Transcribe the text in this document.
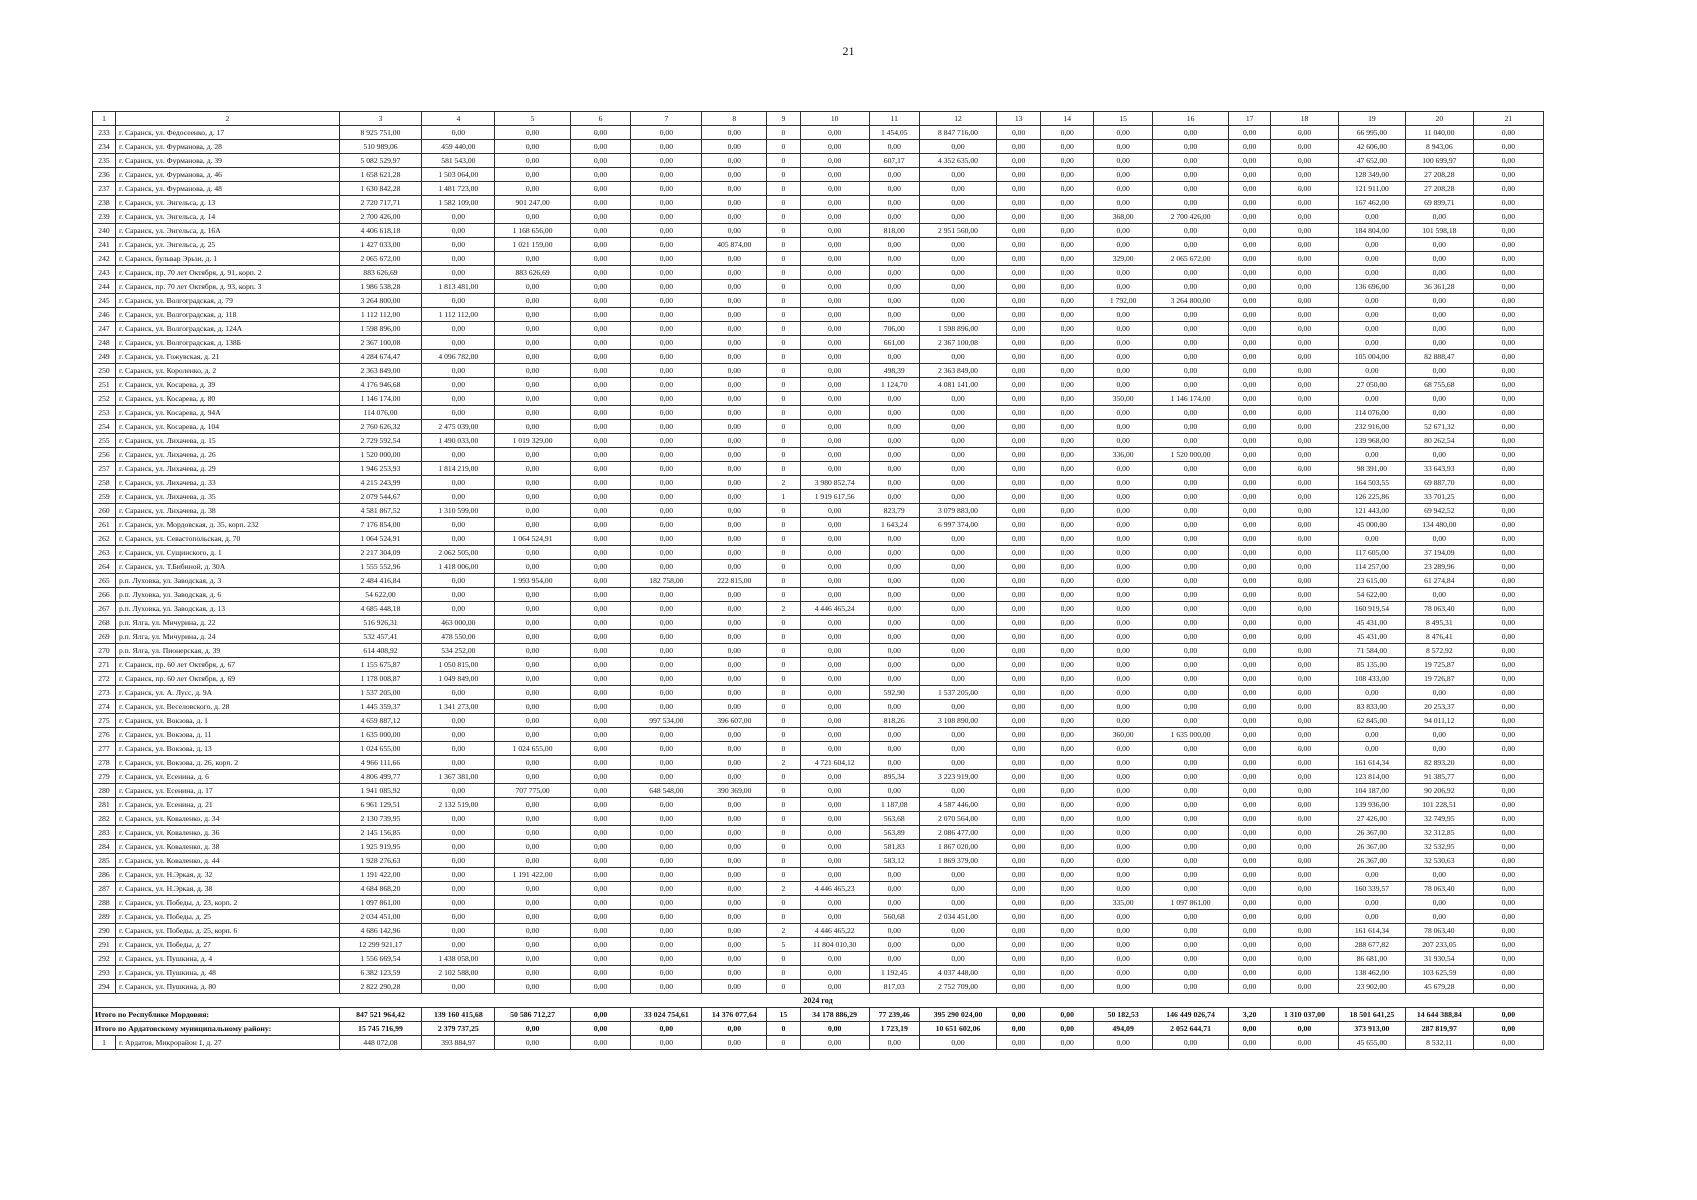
21
1	2	3	4	5	6	7	8	9	10	11	12	13	14	15	16	17	18	19	20	21
233	г. Саранск, ул. Федосеенко, д. 17	8 925 751,00	0,00	0,00	0,00	0,00	0,00	0	0,00	1 454,05	8 847 716,00	0,00	0,00	0,00	0,00	0,00	0,00	66 995,00	11 040,00	0,00
234	г. Саранск, ул. Фурманова, д. 28	510 989,06	459 440,00	0,00	0,00	0,00	0,00	0	0,00	0,00	0,00	0,00	0,00	0,00	0,00	0,00	0,00	42 606,00	8 943,06	0,00
235	г. Саранск, ул. Фурманова, д. 39	5 082 529,97	581 543,00	0,00	0,00	0,00	0,00	0	0,00	607,17	4 352 635,00	0,00	0,00	0,00	0,00	0,00	0,00	47 652,00	100 699,97	0,00
236	г. Саранск, ул. Фурманова, д. 46	1 658 621,28	1 503 064,00	0,00	0,00	0,00	0,00	0	0,00	0,00	0,00	0,00	0,00	0,00	0,00	0,00	0,00	128 349,00	27 208,28	0,00
237	г. Саранск, ул. Фурманова, д. 48	1 630 842,28	1 481 723,00	0,00	0,00	0,00	0,00	0	0,00	0,00	0,00	0,00	0,00	0,00	0,00	0,00	0,00	121 911,00	27 208,28	0,00
238	г. Саранск, ул. Энгельса, д. 13	2 720 717,71	1 582 109,00	901 247,00	0,00	0,00	0,00	0	0,00	0,00	0,00	0,00	0,00	0,00	0,00	0,00	0,00	167 462,00	69 899,71	0,00
239	г. Саранск, ул. Энгельса, д. 14	2 700 426,00	0,00	0,00	0,00	0,00	0,00	0	0,00	0,00	0,00	0,00	0,00	368,00	2 700 426,00	0,00	0,00	0,00	0,00	0,00
240	г. Саранск, ул. Энгельса, д. 16А	4 406 618,18	0,00	1 168 656,00	0,00	0,00	0,00	0	0,00	818,00	2 951 560,00	0,00	0,00	0,00	0,00	0,00	0,00	184 804,00	101 598,18	0,00
241	г. Саранск, ул. Энгельса, д. 25	1 427 033,00	0,00	1 021 159,00	0,00	0,00	405 874,00	0	0,00	0,00	0,00	0,00	0,00	0,00	0,00	0,00	0,00	0,00	0,00	0,00
242	г. Саранск, бульвар Эрьзи, д. 1	2 065 672,00	0,00	0,00	0,00	0,00	0,00	0	0,00	0,00	0,00	0,00	0,00	329,00	2 065 672,00	0,00	0,00	0,00	0,00	0,00
243	г. Саранск, пр. 70 лет Октября, д. 91, корп. 2	883 626,69	0,00	883 626,69	0,00	0,00	0,00	0	0,00	0,00	0,00	0,00	0,00	0,00	0,00	0,00	0,00	0,00	0,00	0,00
244	г. Саранск, пр. 70 лет Октября, д. 93, корп. 3	1 986 538,28	1 813 481,00	0,00	0,00	0,00	0,00	0	0,00	0,00	0,00	0,00	0,00	0,00	0,00	0,00	0,00	136 696,00	36 361,28	0,00
245	г. Саранск, ул. Волгоградская, д. 79	3 264 800,00	0,00	0,00	0,00	0,00	0,00	0	0,00	0,00	0,00	0,00	0,00	1 792,00	3 264 800,00	0,00	0,00	0,00	0,00	0,00
246	г. Саранск, ул. Волгоградская, д. 118	1 112 112,00	1 112 112,00	0,00	0,00	0,00	0,00	0	0,00	0,00	0,00	0,00	0,00	0,00	0,00	0,00	0,00	0,00	0,00	0,00
247	г. Саранск, ул. Волгоградская, д. 124А	1 598 896,00	0,00	0,00	0,00	0,00	0,00	0	0,00	706,00	1 598 896,00	0,00	0,00	0,00	0,00	0,00	0,00	0,00	0,00	0,00
248	г. Саранск, ул. Волгоградская, д. 138Б	2 367 100,08	0,00	0,00	0,00	0,00	0,00	0	0,00	661,00	2 367 100,08	0,00	0,00	0,00	0,00	0,00	0,00	0,00	0,00	0,00
249	г. Саранск, ул. Гожувская, д. 21	4 284 674,47	4 096 782,00	0,00	0,00	0,00	0,00	0	0,00	0,00	0,00	0,00	0,00	0,00	0,00	0,00	0,00	105 004,00	82 888,47	0,00
250	г. Саранск, ул. Короленко, д. 2	2 363 849,00	0,00	0,00	0,00	0,00	0,00	0	0,00	498,39	2 363 849,00	0,00	0,00	0,00	0,00	0,00	0,00	0,00	0,00	0,00
251	г. Саранск, ул. Косарева, д. 39	4 176 946,68	0,00	0,00	0,00	0,00	0,00	0	0,00	1 124,70	4 081 141,00	0,00	0,00	0,00	0,00	0,00	0,00	27 050,00	68 755,68	0,00
252	г. Саранск, ул. Косарева, д. 80	1 146 174,00	0,00	0,00	0,00	0,00	0,00	0	0,00	0,00	0,00	0,00	0,00	350,00	1 146 174,00	0,00	0,00	0,00	0,00	0,00
253	г. Саранск, ул. Косарева, д. 94А	114 076,00	0,00	0,00	0,00	0,00	0,00	0	0,00	0,00	0,00	0,00	0,00	0,00	0,00	0,00	0,00	114 076,00	0,00	0,00
254	г. Саранск, ул. Косарева, д. 104	2 760 626,32	2 475 039,00	0,00	0,00	0,00	0,00	0	0,00	0,00	0,00	0,00	0,00	0,00	0,00	0,00	0,00	232 916,00	52 671,32	0,00
255	г. Саранск, ул. Лихачева, д. 15	2 729 592,54	1 490 033,00	1 019 329,00	0,00	0,00	0,00	0	0,00	0,00	0,00	0,00	0,00	0,00	0,00	0,00	0,00	139 968,00	80 262,54	0,00
256	г. Саранск, ул. Лихачева, д. 26	1 520 000,00	0,00	0,00	0,00	0,00	0,00	0	0,00	0,00	0,00	0,00	0,00	336,00	1 520 000,00	0,00	0,00	0,00	0,00	0,00
257	г. Саранск, ул. Лихачева, д. 29	1 946 253,93	1 814 219,00	0,00	0,00	0,00	0,00	0	0,00	0,00	0,00	0,00	0,00	0,00	0,00	0,00	0,00	98 391,00	33 643,93	0,00
258	г. Саранск, ул. Лихачева, д. 33	4 215 243,99	0,00	0,00	0,00	0,00	0,00	2	3 980 852,74	0,00	0,00	0,00	0,00	0,00	0,00	0,00	0,00	164 503,55	69 887,70	0,00
259	г. Саранск, ул. Лихачева, д. 35	2 079 544,67	0,00	0,00	0,00	0,00	0,00	1	1 919 617,56	0,00	0,00	0,00	0,00	0,00	0,00	0,00	0,00	126 225,86	33 701,25	0,00
260	г. Саранск, ул. Лихачева, д. 38	4 581 867,52	1 310 599,00	0,00	0,00	0,00	0,00	0	0,00	823,79	3 079 883,00	0,00	0,00	0,00	0,00	0,00	0,00	121 443,00	69 942,52	0,00
261	г. Саранск, ул. Мордовская, д. 35, корп. 232	7 176 854,00	0,00	0,00	0,00	0,00	0,00	0	0,00	1 643,24	6 997 374,00	0,00	0,00	0,00	0,00	0,00	0,00	45 000,00	134 480,00	0,00
262	г. Саранск, ул. Севастопольская, д. 70	1 064 524,91	0,00	1 064 524,91	0,00	0,00	0,00	0	0,00	0,00	0,00	0,00	0,00	0,00	0,00	0,00	0,00	0,00	0,00	0,00
263	г. Саранск, ул. Сущинского, д. 1	2 217 304,09	2 062 505,00	0,00	0,00	0,00	0,00	0	0,00	0,00	0,00	0,00	0,00	0,00	0,00	0,00	0,00	117 605,00	37 194,09	0,00
264	г. Саранск, ул. Т.Бибиной, д. 30А	1 555 552,96	1 418 006,00	0,00	0,00	0,00	0,00	0	0,00	0,00	0,00	0,00	0,00	0,00	0,00	0,00	0,00	114 257,00	23 289,96	0,00
265	р.п. Луховка, ул. Заводская, д. 3	2 484 416,84	0,00	1 993 954,00	0,00	182 758,00	222 815,00	0	0,00	0,00	0,00	0,00	0,00	0,00	0,00	0,00	0,00	23 615,00	61 274,84	0,00
266	р.п. Луховка, ул. Заводская, д. 6	54 622,00	0,00	0,00	0,00	0,00	0,00	0	0,00	0,00	0,00	0,00	0,00	0,00	0,00	0,00	0,00	54 622,00	0,00	0,00
267	р.п. Луховка, ул. Заводская, д. 13	4 685 448,18	0,00	0,00	0,00	0,00	0,00	2	4 446 465,24	0,00	0,00	0,00	0,00	0,00	0,00	0,00	0,00	160 919,54	78 063,40	0,00
268	р.п. Ялга, ул. Мичурина, д. 22	516 926,31	463 000,00	0,00	0,00	0,00	0,00	0	0,00	0,00	0,00	0,00	0,00	0,00	0,00	0,00	0,00	45 431,00	8 495,31	0,00
269	р.п. Ялга, ул. Мичурина, д. 24	532 457,41	478 550,00	0,00	0,00	0,00	0,00	0	0,00	0,00	0,00	0,00	0,00	0,00	0,00	0,00	0,00	45 431,00	8 476,41	0,00
270	р.п. Ялга, ул. Пионерская, д. 39	614 408,92	534 252,00	0,00	0,00	0,00	0,00	0	0,00	0,00	0,00	0,00	0,00	0,00	0,00	0,00	0,00	71 584,00	8 572,92	0,00
271	г. Саранск, пр. 60 лет Октября, д. 67	1 155 675,87	1 050 815,00	0,00	0,00	0,00	0,00	0	0,00	0,00	0,00	0,00	0,00	0,00	0,00	0,00	0,00	85 135,00	19 725,87	0,00
272	г. Саранск, пр. 60 лет Октября, д. 69	1 178 008,87	1 049 849,00	0,00	0,00	0,00	0,00	0	0,00	0,00	0,00	0,00	0,00	0,00	0,00	0,00	0,00	108 433,00	19 726,87	0,00
273	г. Саранск, ул. А. Лусс, д. 9А	1 537 205,00	0,00	0,00	0,00	0,00	0,00	0	0,00	592,90	1 537 205,00	0,00	0,00	0,00	0,00	0,00	0,00	0,00	0,00	0,00
274	г. Саранск, ул. Веселовского, д. 28	1 445 359,37	1 341 273,00	0,00	0,00	0,00	0,00	0	0,00	0,00	0,00	0,00	0,00	0,00	0,00	0,00	0,00	83 833,00	20 253,37	0,00
275	г. Саранск, ул. Вокзова, д. 1	4 659 887,12	0,00	0,00	0,00	997 534,00	396 607,00	0	0,00	818,26	3 108 890,00	0,00	0,00	0,00	0,00	0,00	0,00	62 845,00	94 011,12	0,00
276	г. Саранск, ул. Вокзова, д. 11	1 635 000,00	0,00	0,00	0,00	0,00	0,00	0	0,00	0,00	0,00	0,00	0,00	360,00	1 635 000,00	0,00	0,00	0,00	0,00	0,00
277	г. Саранск, ул. Вокзова, д. 13	1 024 655,00	0,00	1 024 655,00	0,00	0,00	0,00	0	0,00	0,00	0,00	0,00	0,00	0,00	0,00	0,00	0,00	0,00	0,00	0,00
278	г. Саранск, ул. Вокзова, д. 26, корп. 2	4 966 111,66	0,00	0,00	0,00	0,00	0,00	2	4 721 604,12	0,00	0,00	0,00	0,00	0,00	0,00	0,00	0,00	161 614,34	82 893,20	0,00
279	г. Саранск, ул. Есенина, д. 6	4 806 499,77	1 367 381,00	0,00	0,00	0,00	0,00	0	0,00	895,34	3 223 919,00	0,00	0,00	0,00	0,00	0,00	0,00	123 814,00	91 385,77	0,00
280	г. Саранск, ул. Есенина, д. 17	1 941 085,92	0,00	707 775,00	0,00	648 548,00	390 369,00	0	0,00	0,00	0,00	0,00	0,00	0,00	0,00	0,00	0,00	104 187,00	90 206,92	0,00
281	г. Саранск, ул. Есенина, д. 21	6 961 129,51	2 132 519,00	0,00	0,00	0,00	0,00	0	0,00	1 187,08	4 587 446,00	0,00	0,00	0,00	0,00	0,00	0,00	139 936,00	101 228,51	0,00
282	г. Саранск, ул. Коваленко, д. 34	2 130 739,95	0,00	0,00	0,00	0,00	0,00	0	0,00	563,68	2 070 564,00	0,00	0,00	0,00	0,00	0,00	0,00	27 426,00	32 749,95	0,00
283	г. Саранск, ул. Коваленко, д. 36	2 145 156,85	0,00	0,00	0,00	0,00	0,00	0	0,00	563,89	2 086 477,00	0,00	0,00	0,00	0,00	0,00	0,00	26 367,00	32 312,85	0,00
284	г. Саранск, ул. Коваленко, д. 38	1 925 919,95	0,00	0,00	0,00	0,00	0,00	0	0,00	581,83	1 867 020,00	0,00	0,00	0,00	0,00	0,00	0,00	26 367,00	32 532,95	0,00
285	г. Саранск, ул. Коваленко, д. 44	1 928 276,63	0,00	0,00	0,00	0,00	0,00	0	0,00	583,12	1 869 379,00	0,00	0,00	0,00	0,00	0,00	0,00	26 367,00	32 530,63	0,00
286	г. Саранск, ул. Н.Эркая, д. 32	1 191 422,00	0,00	1 191 422,00	0,00	0,00	0,00	0	0,00	0,00	0,00	0,00	0,00	0,00	0,00	0,00	0,00	0,00	0,00	0,00
287	г. Саранск, ул. Н.Эркая, д. 38	4 684 868,20	0,00	0,00	0,00	0,00	0,00	2	4 446 465,23	0,00	0,00	0,00	0,00	0,00	0,00	0,00	0,00	160 339,57	78 063,40	0,00
288	г. Саранск, ул. Победы, д. 23, корп. 2	1 097 861,00	0,00	0,00	0,00	0,00	0,00	0	0,00	0,00	0,00	0,00	0,00	335,00	1 097 861,00	0,00	0,00	0,00	0,00	0,00
289	г. Саранск, ул. Победы, д. 25	2 034 451,00	0,00	0,00	0,00	0,00	0,00	0	0,00	560,68	2 034 451,00	0,00	0,00	0,00	0,00	0,00	0,00	0,00	0,00	0,00
290	г. Саранск, ул. Победы, д. 25, корп. 6	4 686 142,96	0,00	0,00	0,00	0,00	0,00	2	4 446 465,22	0,00	0,00	0,00	0,00	0,00	0,00	0,00	0,00	161 614,34	78 063,40	0,00
291	г. Саранск, ул. Победы, д. 27	12 299 921,17	0,00	0,00	0,00	0,00	0,00	5	11 804 010,30	0,00	0,00	0,00	0,00	0,00	0,00	0,00	0,00	288 677,82	207 233,05	0,00
292	г. Саранск, ул. Пушкина, д. 4	1 556 669,54	1 438 058,00	0,00	0,00	0,00	0,00	0	0,00	0,00	0,00	0,00	0,00	0,00	0,00	0,00	0,00	86 681,00	31 930,54	0,00
293	г. Саранск, ул. Пушкина, д. 48	6 382 123,59	2 102 588,00	0,00	0,00	0,00	0,00	0	0,00	1 192,45	4 037 448,00	0,00	0,00	0,00	0,00	0,00	0,00	138 462,00	103 625,59	0,00
294	г. Саранск, ул. Пушкина, д. 80	2 822 290,28	0,00	0,00	0,00	0,00	0,00	0	0,00	817,03	2 752 709,00	0,00	0,00	0,00	0,00	0,00	0,00	23 902,00	45 679,28	0,00
2024 год																				
Итого по Республике Мордовия:		847 521 964,42	139 160 415,68	50 586 712,27	0,00	33 024 754,61	14 376 077,64	15	34 178 886,29	77 239,46	395 290 024,00	0,00	0,00	50 182,53	146 449 026,74	3,20	1 310 037,00	18 501 641,25	14 644 388,84	0,00
Итого по Ардатовскому муниципальному району:		15 745 716,99	2 379 737,25	0,00	0,00	0,00	0,00	0	0,00	1 723,19	10 651 602,06	0,00	0,00	494,09	2 052 644,71	0,00	0,00	373 913,00	287 819,97	0,00
1	г. Ардатов, Микрорайон 1, д. 27	448 072,08	393 884,97	0,00	0,00	0,00	0,00	0	0,00	0,00	0,00	0,00	0,00	0,00	0,00	0,00	0,00	45 655,00	8 532,11	0,00
